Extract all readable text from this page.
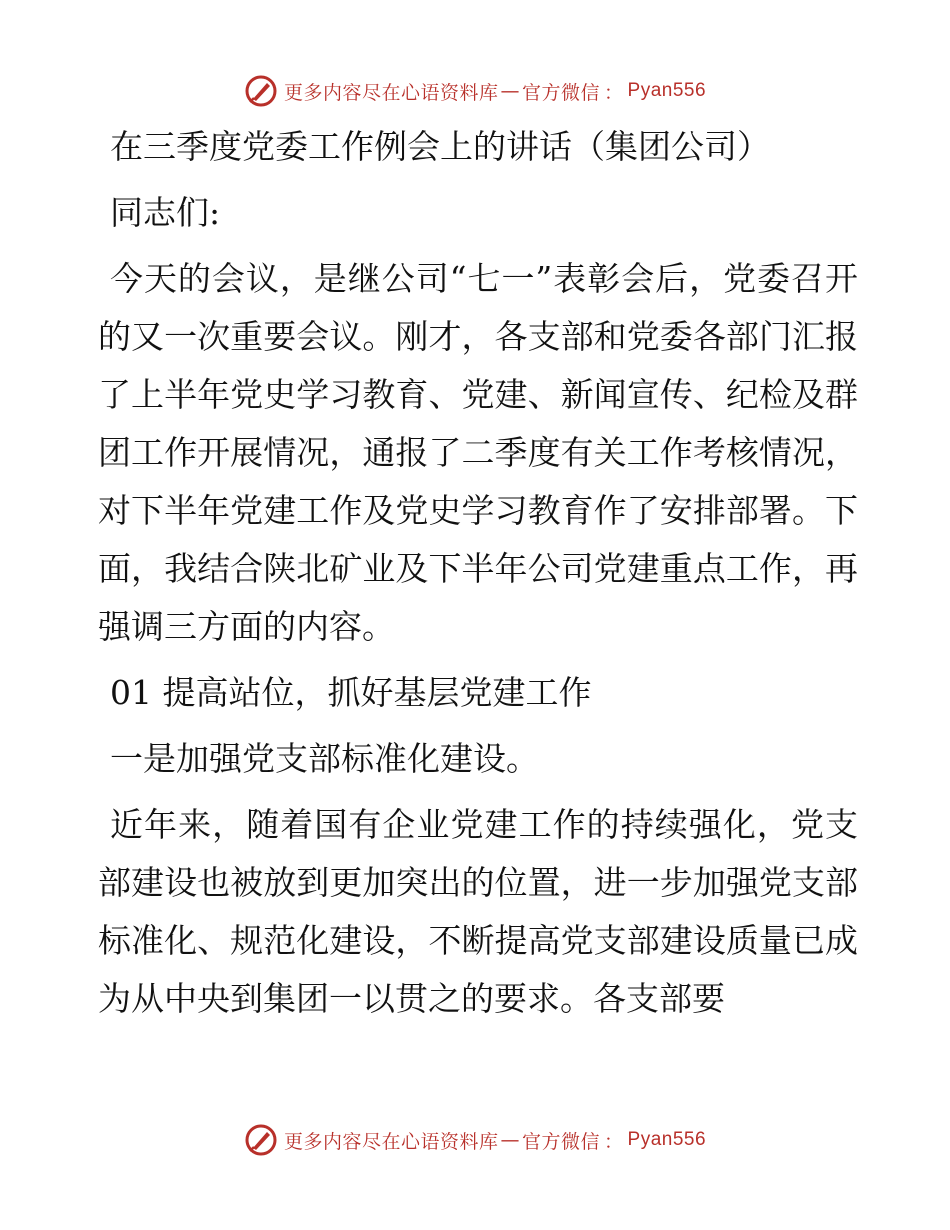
更多内容尽在心语资料库 — 官方微信 ： Pyan556

在三季度党委工作例会上的讲话（集团公司）

同志们:

今天的会议，是继公司“七一”表彰会后，党委召开的又一次重要会议。刚才，各支部和党委各部门汇报了上半年党史学习教育、党建、新闻宣传、纪检及群团工作开展情况，通报了二季度有关工作考核情况，对下半年党建工作及党史学习教育作了安排部署。下面，我结合陕北矿业及下半年公司党建重点工作，再强调三方面的内容。

01 提高站位，抓好基层党建工作

一是加强党支部标准化建设。

近年来，随着国有企业党建工作的持续强化，党支部建设也被放到更加突出的位置，进一步加强党支部标准化、规范化建设，不断提高党支部建设质量已成为从中央到集团一以贯之的要求。各支部要

更多内容尽在心语资料库 — 官方微信 ： Pyan556
